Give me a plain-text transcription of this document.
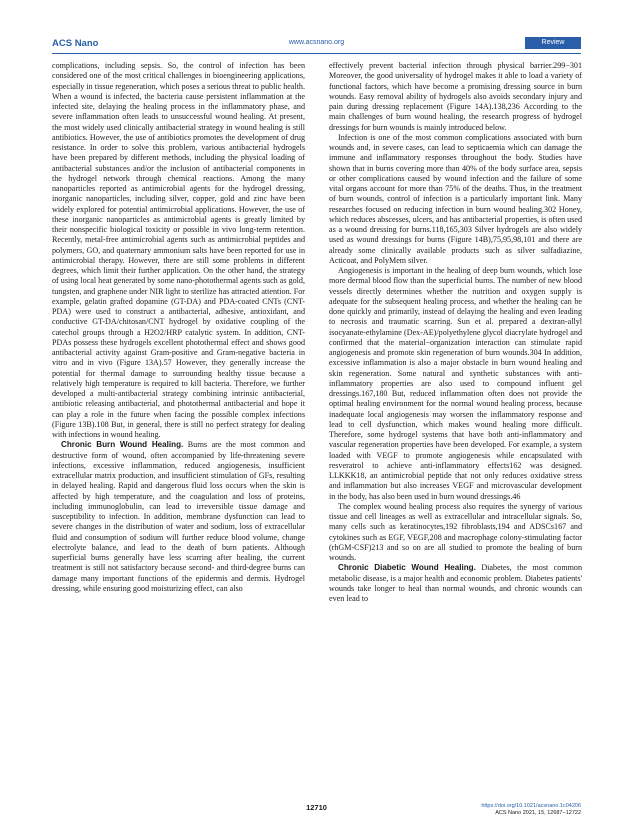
ACS Nano	www.acsnano.org	Review

complications, including sepsis. So, the control of infection has been considered one of the most critical challenges in bioengineering applications, especially in tissue regeneration, which poses a serious threat to public health. When a wound is infected, the bacteria cause persistent inflammation at the infected site, delaying the healing process in the inflammatory phase, and severe inflammation often leads to unsuccessful wound healing. At present, the most widely used clinically antibacterial strategy in wound healing is still antibiotics. However, the use of antibiotics promotes the development of drug resistance. In order to solve this problem, various antibacterial hydrogels have been prepared by different methods, including the physical loading of antibacterial substances and/or the inclusion of antibacterial components in the hydrogel network through chemical reactions. Among the many nanoparticles reported as antimicrobial agents for the hydrogel dressing, inorganic nanoparticles, including silver, copper, gold and zinc have been widely explored for potential antimicrobial applications. However, the use of these inorganic nanoparticles as antimicrobial agents is greatly limited by their nonspecific biological toxicity or possible in vivo long-term retention. Recently, metal-free antimicrobial agents such as antimicrobial peptides and polymers, GO, and quaternary ammonium salts have been reported for use in antimicrobial therapy. However, there are still some problems in different degrees, which limit their further application. On the other hand, the strategy of using local heat generated by some nano-photothermal agents such as gold, tungsten, and graphene under NIR light to sterilize has attracted attention. For example, gelatin grafted dopamine (GT-DA) and PDA-coated CNTs (CNT-PDA) were used to construct a antibacterial, adhesive, antioxidant, and conductive GT-DA/chitosan/CNT hydrogel by oxidative coupling of the catechol groups through a H2O2/HRP catalytic system. In addition, CNT-PDAs possess these hydrogels excellent photothermal effect and shows good antibacterial activity against Gram-positive and Gram-negative bacteria in vitro and in vivo (Figure 13A).57 However, they generally increase the potential for thermal damage to surrounding healthy tissue because a relatively high temperature is required to kill bacteria. Therefore, we further developed a multi-antibacterial strategy combining intrinsic antibacterial, antibiotic releasing antibacterial, and photothermal antibacterial and hope it can play a role in the future when facing the possible complex infections (Figure 13B).108 But, in general, there is still no perfect strategy for dealing with infections in wound healing.

Chronic Burn Wound Healing. Burns are the most common and destructive form of wound, often accompanied by life-threatening severe infections, excessive inflammation, reduced angiogenesis, insufficient extracellular matrix production, and insufficient stimulation of GFs, resulting in delayed healing. Rapid and dangerous fluid loss occurs when the skin is affected by high temperature, and the coagulation and loss of proteins, including immunoglobulin, can lead to irreversible tissue damage and susceptibility to infection. In addition, membrane dysfunction can lead to severe changes in the distribution of water and sodium, loss of extracellular fluid and consumption of sodium will further reduce blood volume, change electrolyte balance, and lead to the death of burn patients. Although superficial burns generally have less scarring after healing, the current treatment is still not satisfactory because second- and third-degree burns can damage many important functions of the epidermis and dermis. Hydrogel dressing, while ensuring good moisturizing effect, can also

effectively prevent bacterial infection through physical barrier.299−301 Moreover, the good universality of hydrogel makes it able to load a variety of functional factors, which have become a promising dressing source in burn wounds. Easy removal ability of hydrogels also avoids secondary injury and pain during dressing replacement (Figure 14A).138,236 According to the main challenges of burn wound healing, the research progress of hydrogel dressings for burn wounds is mainly introduced below.

Infection is one of the most common complications associated with burn wounds and, in severe cases, can lead to septicaemia which can damage the immune and inflammatory responses throughout the body. Studies have shown that in burns covering more than 40% of the body surface area, sepsis or other complications caused by wound infection and the failure of some vital organs account for more than 75% of the deaths. Thus, in the treatment of burn wounds, control of infection is a particularly important link. Many researches focused on reducing infection in burn wound healing.302 Honey, which reduces abscesses, ulcers, and has antibacterial properties, is often used as a wound dressing for burns.118,165,303 Silver hydrogels are also widely used as wound dressings for burns (Figure 14B),75,95,98,101 and there are already some clinically available products such as silver sulfadiazine, Acticoat, and PolyMem silver.

Angiogenesis is important in the healing of deep burn wounds, which lose more dermal blood flow than the superficial burns. The number of new blood vessels directly determines whether the nutrition and oxygen supply is adequate for the subsequent healing process, and whether the healing can be done quickly and primarily, instead of delaying the healing and even leading to necrosis and traumatic scarring. Sun et al. prepared a dextran-allyl isocyanate-ethylamine (Dex-AE)/polyethylene glycol diacrylate hydrogel and confirmed that the material−organization interaction can stimulate rapid angiogenesis and promote skin regeneration of burn wounds.304 In addition, excessive inflammation is also a major obstacle in burn wound healing and skin regeneration. Some natural and synthetic substances with anti-inflammatory properties are also used to compound influent gel dressings.167,180 But, reduced inflammation often does not provide the optimal healing environment for the normal wound healing process, because inadequate local angiogenesis may worsen the inflammatory response and lead to cell dysfunction, which makes wound healing more difficult. Therefore, some hydrogel systems that have both anti-inflammatory and vascular regeneration properties have been developed. For example, a system loaded with VEGF to promote angiogenesis while encapsulated with resveratrol to achieve anti-inflammatory effects162 was designed. LLKKK18, an antimicrobial peptide that not only reduces oxidative stress and inflammation but also increases VEGF and microvascular development in the body, has also been used in burn wound dressings.46

The complex wound healing process also requires the synergy of various tissue and cell lineages as well as extracellular and intracellular signals. So, many cells such as keratinocytes,192 fibroblasts,194 and ADSCs167 and cytokines such as EGF, VEGF,208 and macrophage colony-stimulating factor (rhGM-CSF)213 and so on are all studied to promote the healing of burn wounds.

Chronic Diabetic Wound Healing. Diabetes, the most common metabolic disease, is a major health and economic problem. Diabetes patients' wounds take longer to heal than normal wounds, and chronic wounds can even lead to

12710	https://doi.org/10.1021/acsnano.1c04206
ACS Nano 2021, 15, 12687−12722
